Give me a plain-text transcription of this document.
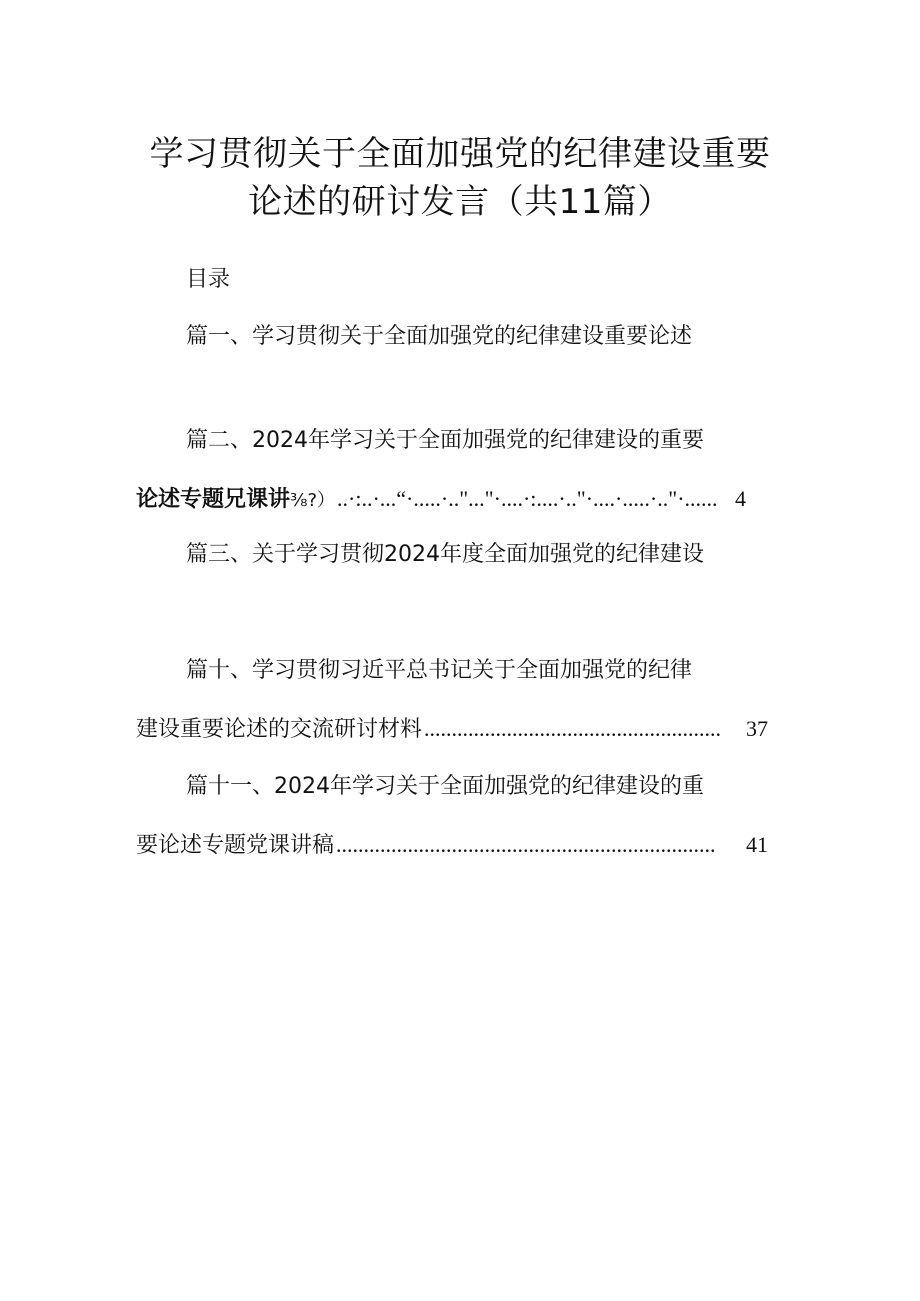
学习贯彻关于全面加强党的纪律建设重要
论述的研讨发言（共11篇）
目录
篇一、学习贯彻关于全面加强党的纪律建设重要论述
篇二、2024年学习关于全面加强党的纪律建设的重要
论述专题兄课讲 ⅜?） ..·:..·...“·.....·.."..."·....·:....·.."·....·.....·.."·...... 4
篇三、关于学习贯彻2024年度全面加强党的纪律建设
篇十、学习贯彻习近平总书记关于全面加强党的纪律
建设重要论述的交流研讨材料 ......................................................	37
篇十一、2024年学习关于全面加强党的纪律建设的重
要论述专题党课讲稿 .....................................................................	41
